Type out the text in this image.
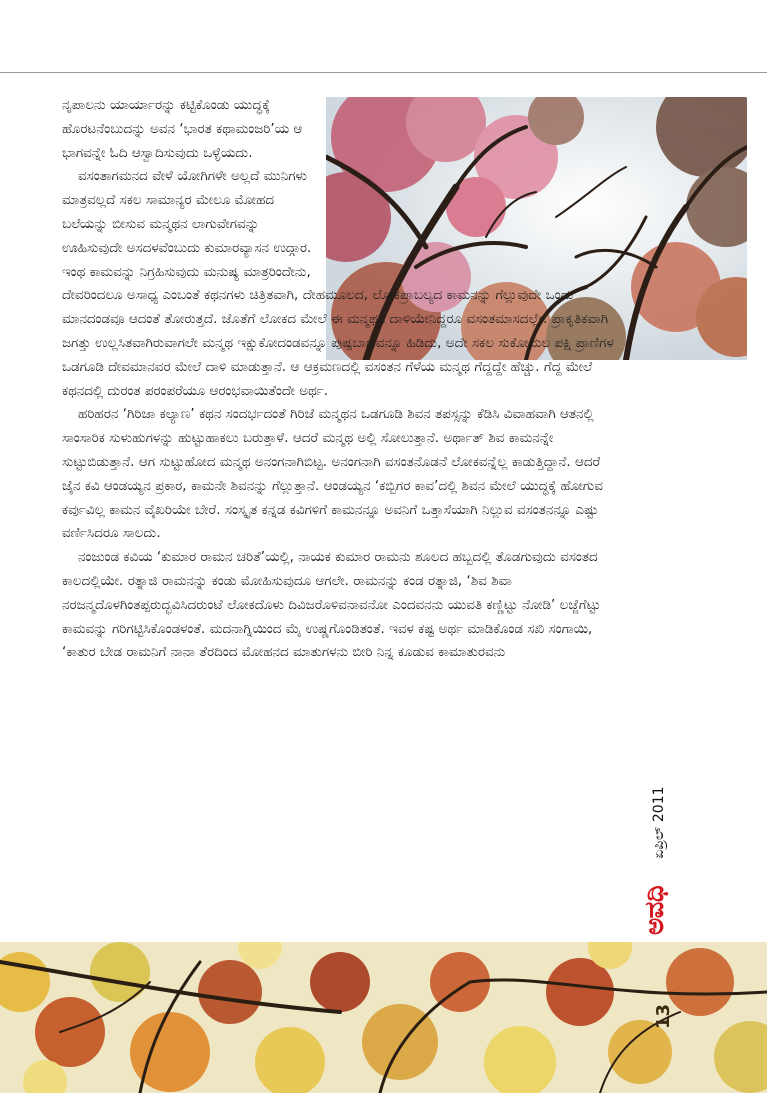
ನೃಪಾಲನು ಯಾರ್ಯಾರನ್ನು ಕಟ್ಟಿಕೊಂಡು ಯುದ್ಧಕ್ಕೆ ಹೊರಟನೆಂಬುದನ್ನು ಅವನ ‘ಭಾರತ ಕಥಾಮಂಜರಿ’ಯ ಆ ಭಾಗವನ್ನೇ ಓದಿ ಆಸ್ವಾದಿಸುವುದು ಒಳ್ಳೆಯದು.

ವಸಂತಾಗಮನದ ವೇಳೆ ಯೋಗಿಗಳೇ ಅಲ್ಲದೆ ಮುನಿಗಳು ಮಾತ್ರವಲ್ಲದೆ ಸಕಲ ಸಾಮಾನ್ಯರ ಮೇಲೂ ಮೋಹದ ಬಲೆಯನ್ನು ಬೀಸುವ ಮನ್ಮಥನ ಲಾಗುವೇಗವನ್ನು ಊಹಿಸುವುದೇ ಅಸದಳವೆಂಬುದು ಕುಮಾರವ್ಯಾಸನ ಉದ್ಗಾರ. ಇಂಥ ಕಾಮವನ್ನು ನಿಗ್ರಹಿಸುವುದು ಮನುಷ್ಯ ಮಾತ್ರರಿಂದೇನು,

ದೇವರಿಂದಲೂ ಅಸಾಧ್ಯ ಎಂಬಂತೆ ಕಥನಗಳು ಚಿತ್ರಿತವಾಗಿ, ದೇಹಮೂಲದ, ಲೋಕಪ್ರಾಬಲ್ಯದ ಕಾಮನನ್ನು ಗೆಲ್ಲುವುದೇ ಒಂದು ಮಾನದಂಡವೂ ಆದಂತೆ ತೋರುತ್ತದೆ. ಜೊತೆಗೆ ಲೋಕದ ಮೇಲೆ ಈ ಮನ್ಮಥನ ದಾಳಿಯೇನಿದ್ದರೂ ವಸಂತಮಾಸದಲ್ಲೇ. ಪ್ರಾಕೃತಿಕವಾಗಿ ಜಗತ್ತು ಉಲ್ಲಸಿತವಾಗಿರುವಾಗಲೇ ಮನ್ಮಥ ಇಕ್ಷುಕೋದಂಡವನ್ನೂ ಪುಷ್ಪಬಾಣವನ್ನೂ ಹಿಡಿದು, ಅದೇ ಸಕಲ ಸುಕೋಮಲ ಪಕ್ಷಿ ಪ್ರಾಣಿಗಳ ಒಡಗೂಡಿ ದೇವಮಾನವರ ಮೇಲೆ ದಾಳಿ ಮಾಡುತ್ತಾನೆ. ಆ ಆಕ್ರಮಣದಲ್ಲಿ ವಸಂತನ ಗೆಳೆಯ ಮನ್ಮಥ ಗೆದ್ದದ್ದೇ ಹೆಚ್ಚು. ಗೆದ್ದ ಮೇಲೆ ಕಥನದಲ್ಲಿ ದುರಂತ ಪರಂಪರೆಯೂ ಆರಂಭವಾಯಿತೆಂದೇ ಅರ್ಥ.

ಹರಿಹರನ ‘ಗಿರಿಜಾ ಕಲ್ಯಾಣ’ ಕಥನ ಸಂದರ್ಭದಂತೆ ಗಿರಿಜೆ ಮನ್ಮಥನ ಒಡಗೂಡಿ ಶಿವನ ತಪಸ್ಸನ್ನು ಕೆಡಿಸಿ ವಿವಾಹವಾಗಿ ಆತನಲ್ಲಿ ಸಾಂಸಾರಿಕ ಸುಳುಹುಗಳನ್ನು ಹುಟ್ಟುಹಾಕಲು ಬರುತ್ತಾಳೆ. ಆದರೆ ಮನ್ಮಥ ಅಲ್ಲಿ ಸೋಲುತ್ತಾನೆ. ಅರ್ಥಾತ್ ಶಿವ ಕಾಮನನ್ನೇ ಸುಟ್ಟುಬಿಡುತ್ತಾನೆ. ಆಗ ಸುಟ್ಟುಹೋದ ಮನ್ಮಥ ಅನಂಗನಾಗಿಬಿಟ್ಟ. ಅನಂಗನಾಗಿ ವಸಂತನೊಡನೆ ಲೋಕವನ್ನೆಲ್ಲ ಕಾಡುತ್ತಿದ್ದಾನೆ. ಆದರೆ ಜೈನ ಕವಿ ಆಂಡಯ್ಯನ ಪ್ರಕಾರ, ಕಾಮನೇ ಶಿವನನ್ನು ಗೆಲ್ಲುತ್ತಾನೆ. ಆಂಡಯ್ಯನ ‘ಕಬ್ಬಿಗರ ಕಾವ’ದಲ್ಲಿ ಶಿವನ ಮೇಲೆ ಯುದ್ಧಕ್ಕೆ ಹೋಗುವ ಕರ್ವುವಿಲ್ಲ ಕಾಮನ ವೈಖರಿಯೇ ಬೇರೆ. ಸಂಸ್ಕೃತ ಕನ್ನಡ ಕವಿಗಳಿಗೆ ಕಾಮನನ್ನೂ ಅವನಿಗೆ ಒತ್ತಾಸೆಯಾಗಿ ನಿಲ್ಲುವ ವಸಂತನನ್ನೂ ಎಷ್ಟು ವರ್ಣಿಸಿದರೂ ಸಾಲದು.

ನಂಜುಂಡ ಕವಿಯ ‘ಕುಮಾರ ರಾಮನ ಚರಿತೆ’ಯಲ್ಲಿ, ನಾಯಕ ಕುಮಾರ ರಾಮನು ಶೂಲದ ಹಬ್ಬದಲ್ಲಿ ತೊಡಗುವುದು ವಸಂತದ ಕಾಲದಲ್ಲಿಯೇ. ರತ್ನಾಜಿ ರಾಮನನ್ನು ಕಂಡು ಮೋಹಿಸುವುದೂ ಆಗಲೇ. ರಾಮನನ್ನು ಕಂಡ ರತ್ನಾಜಿ, ‘ಶಿವ ಶಿವಾ ನರಜನ್ಮದೊಳಗಿಂತಪ್ಪರುದ್ಭವಿಸಿದರುಂಟೆ ಲೋಕದೊಳು ದಿವಿಜರೊಳಿವನಾವನೋ ಎಂದವನನು ಯುವತಿ ಕಣ್ಣಿಟ್ಟು ನೋಡಿ’ ಲಜ್ಜೆಗೆಟ್ಟು ಕಾಮವನ್ನು ಗರಿಗಟ್ಟಿಸಿಕೊಂಡಳಂತೆ. ಮದನಾಗ್ನಿಯಿಂದ ಮೈ ಉಷ್ಣಗೊಂಡಿತಂತೆ. ಇವಳ ಕಷ್ಟ ಅರ್ಥ ಮಾಡಿಕೊಂಡ ಸಖಿ ಸಂಗಾಯಿ, ‘ಕಾತುರ ಬೇಡ ರಾಮನಿಗೆ ನಾನಾ ತೆರದಿಂದ ಮೋಹನದ ಮಾತುಗಳನು ಬೀರಿ ನಿನ್ನ ಕೂಡುವ ಕಾಮಾತುರವನು

ಅವಧಿ ಏಪ್ರಿಲ್ 2011
13
